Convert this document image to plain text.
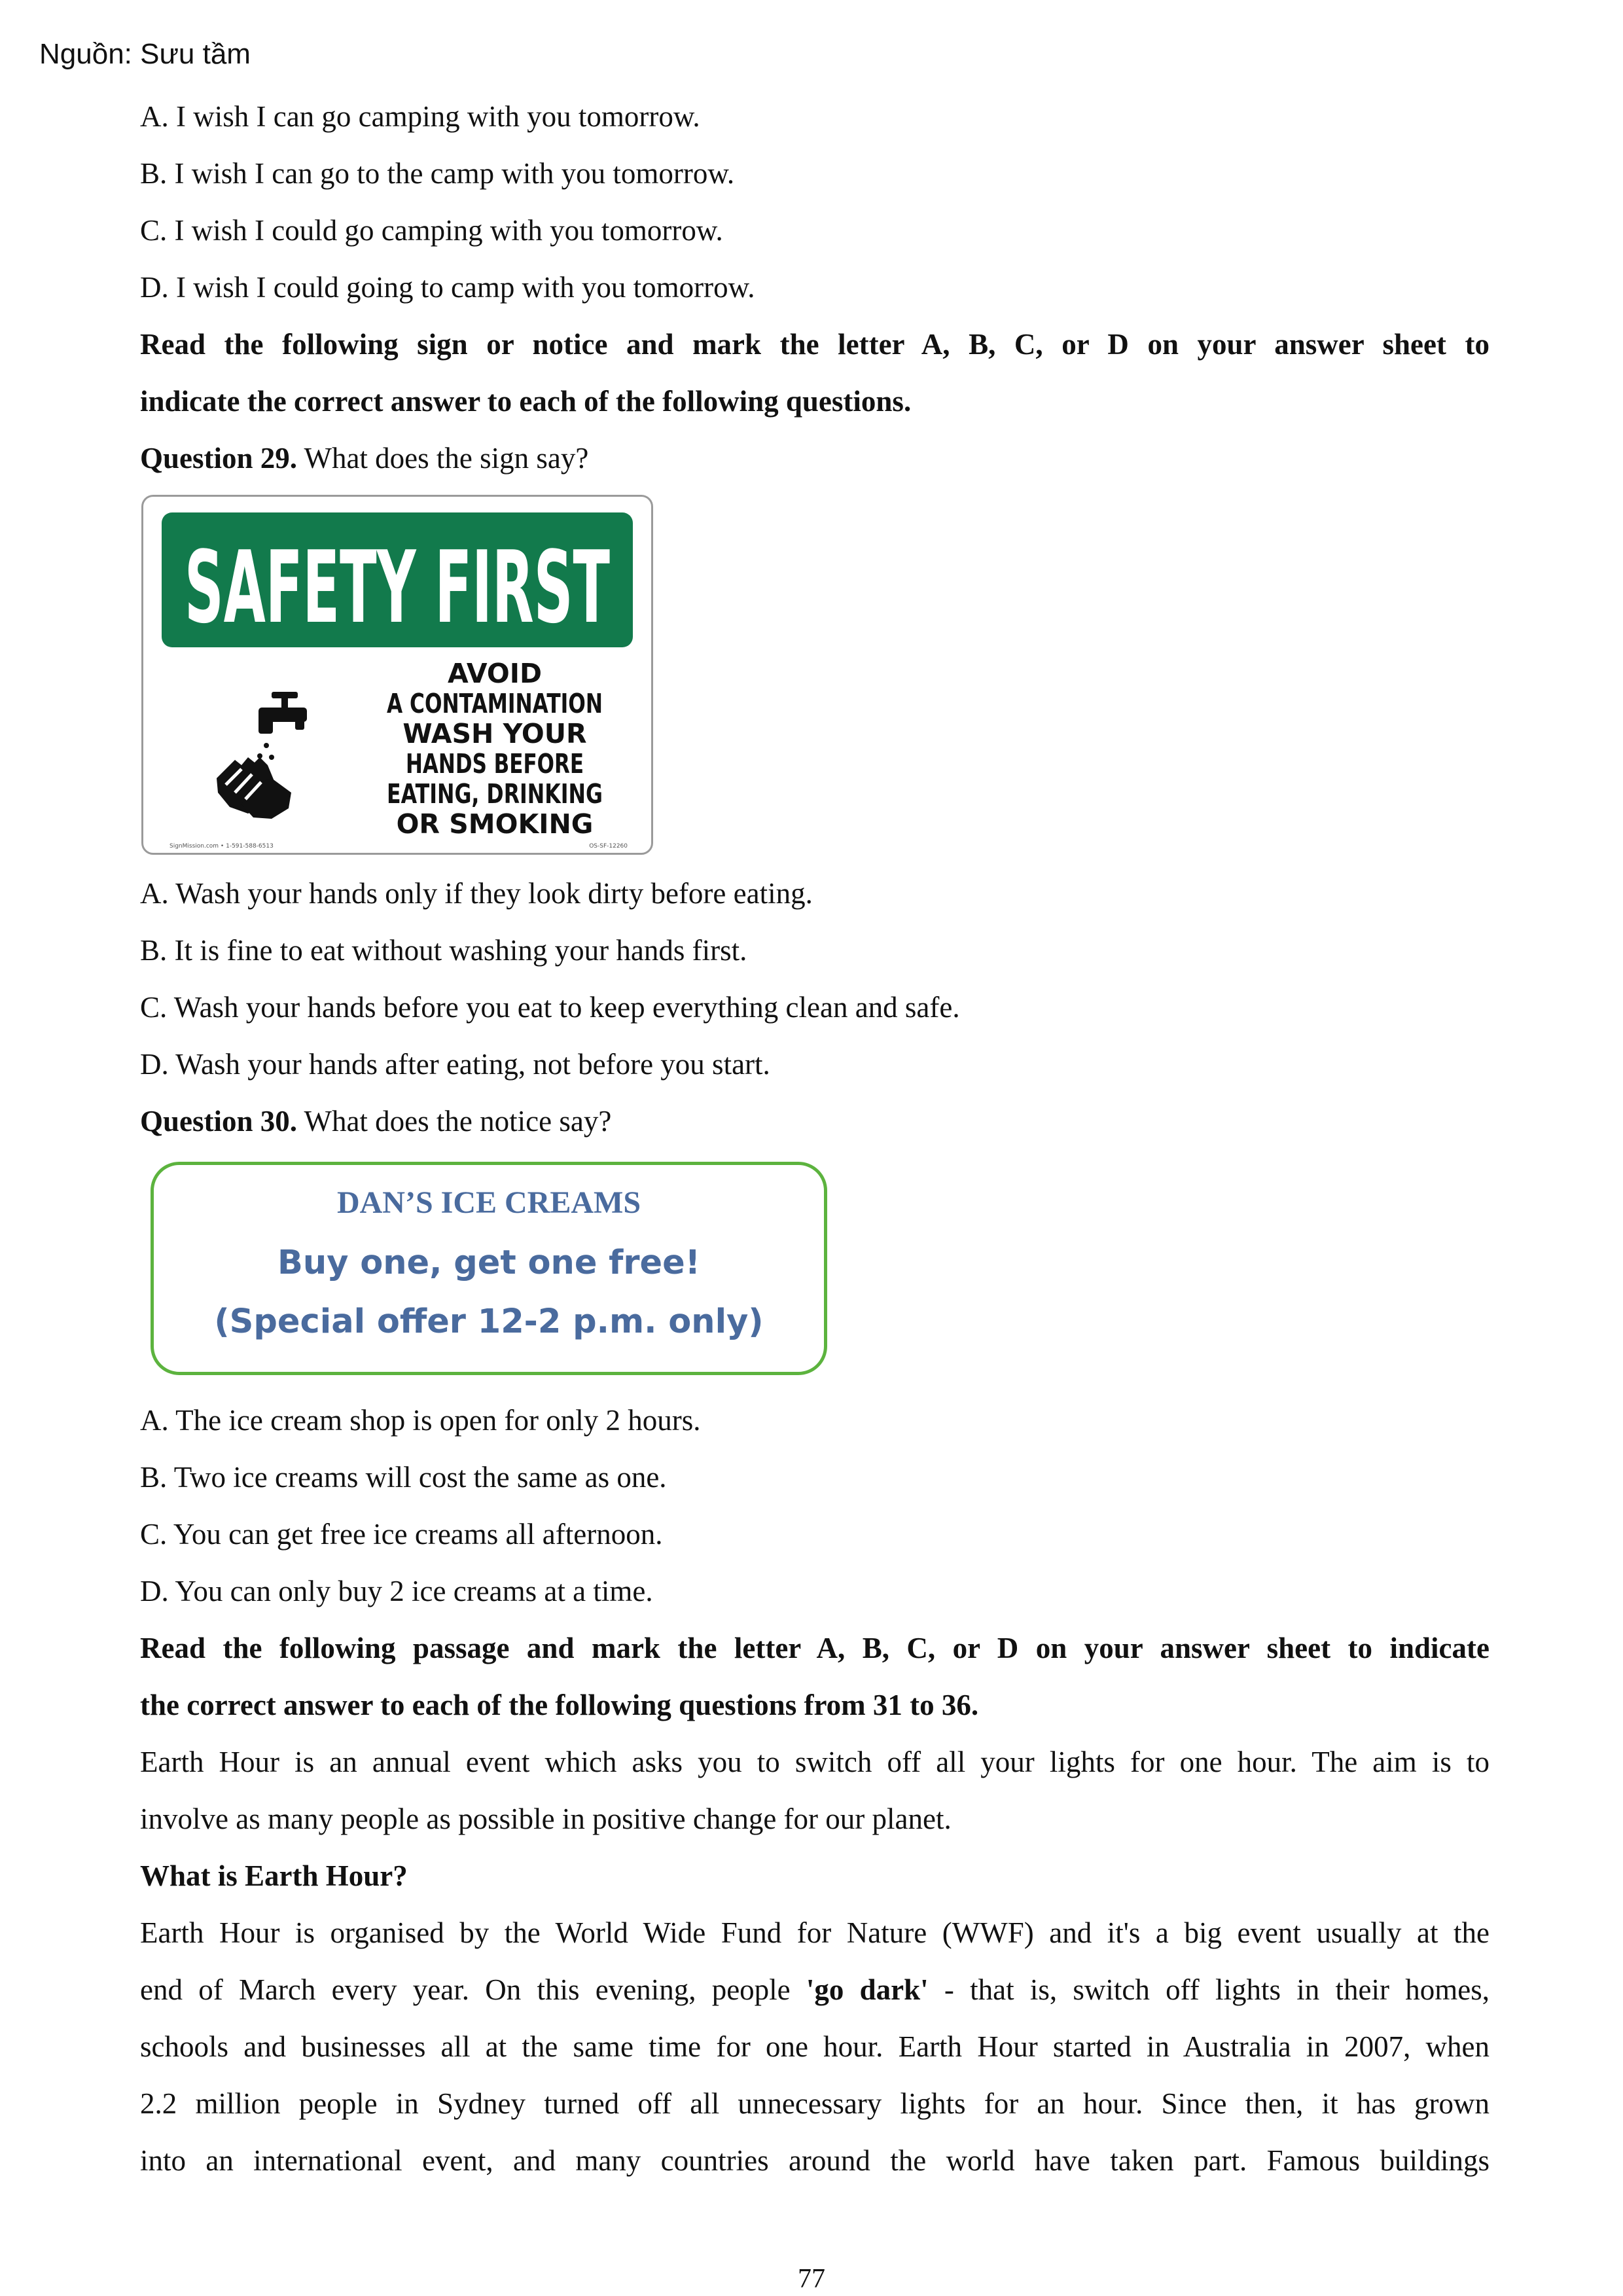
Nguồn: Sưu tầm
A. I wish I can go camping with you tomorrow.
B. I wish I can go to the camp with you tomorrow.
C. I wish I could go camping with you tomorrow.
D. I wish I could going to camp with you tomorrow.
Read the following sign or notice and mark the letter A, B, C, or D on your answer sheet to
indicate the correct answer to each of the following questions.
Question 29. What does the sign say?
SAFETY FIRST
AVOID
A CONTAMINATION
WASH YOUR
HANDS BEFORE
EATING, DRINKING
OR SMOKING
SignMission.com • 1-591-588-6513	OS-SF-12260
A. Wash your hands only if they look dirty before eating.
B. It is fine to eat without washing your hands first.
C. Wash your hands before you eat to keep everything clean and safe.
D. Wash your hands after eating, not before you start.
Question 30. What does the notice say?
DAN’S ICE CREAMS
Buy one, get one free!
(Special offer 12-2 p.m. only)
A. The ice cream shop is open for only 2 hours.
B. Two ice creams will cost the same as one.
C. You can get free ice creams all afternoon.
D. You can only buy 2 ice creams at a time.
Read the following passage and mark the letter A, B, C, or D on your answer sheet to indicate
the correct answer to each of the following questions from 31 to 36.
Earth Hour is an annual event which asks you to switch off all your lights for one hour. The aim is to
involve as many people as possible in positive change for our planet.
What is Earth Hour?
Earth Hour is organised by the World Wide Fund for Nature (WWF) and it's a big event usually at the
end of March every year. On this evening, people 'go dark' - that is, switch off lights in their homes,
schools and businesses all at the same time for one hour. Earth Hour started in Australia in 2007, when
2.2 million people in Sydney turned off all unnecessary lights for an hour. Since then, it has grown
into an international event, and many countries around the world have taken part. Famous buildings
77
